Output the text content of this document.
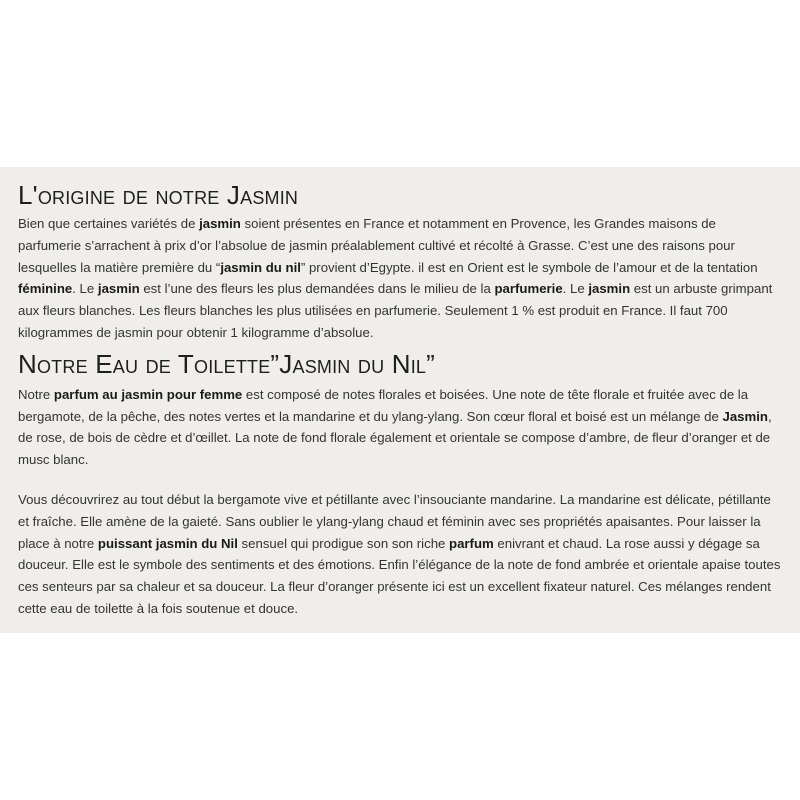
L'origine de notre Jasmin

Bien que certaines variétés de jasmin soient présentes en France et notamment en Provence, les Grandes maisons de parfumerie s’arrachent à prix d’or l’absolue de jasmin préalablement cultivé et récolté à Grasse. C’est une des raisons pour lesquelles la matière première du “jasmin du nil” provient d’Egypte. il est en Orient est le symbole de l’amour et de la tentation féminine. Le jasmin est l’une des fleurs les plus demandées dans le milieu de la parfumerie. Le jasmin est un arbuste grimpant aux fleurs blanches. Les fleurs blanches les plus utilisées en parfumerie. Seulement 1 % est produit en France. Il faut 700 kilogrammes de jasmin pour obtenir 1 kilogramme d’absolue.

Notre Eau de Toilette”Jasmin du Nil”

Notre parfum au jasmin pour femme est composé de notes florales et boisées. Une note de tête florale et fruitée avec de la bergamote, de la pêche, des notes vertes et la mandarine et du ylang-ylang. Son cœur floral et boisé est un mélange de Jasmin, de rose, de bois de cèdre et d’œillet. La note de fond florale également et orientale se compose d’ambre, de fleur d’oranger et de musc blanc.

Vous découvrirez au tout début la bergamote vive et pétillante avec l’insouciante mandarine. La mandarine est délicate, pétillante et fraîche. Elle amène de la gaieté. Sans oublier le ylang-ylang chaud et féminin avec ses propriétés apaisantes. Pour laisser la place à notre puissant jasmin du Nil sensuel qui prodigue son son riche parfum enivrant et chaud. La rose aussi y dégage sa douceur. Elle est le symbole des sentiments et des émotions. Enfin l’élégance de la note de fond ambrée et orientale apaise toutes ces senteurs par sa chaleur et sa douceur. La fleur d’oranger présente ici est un excellent fixateur naturel. Ces mélanges rendent cette eau de toilette à la fois soutenue et douce.
